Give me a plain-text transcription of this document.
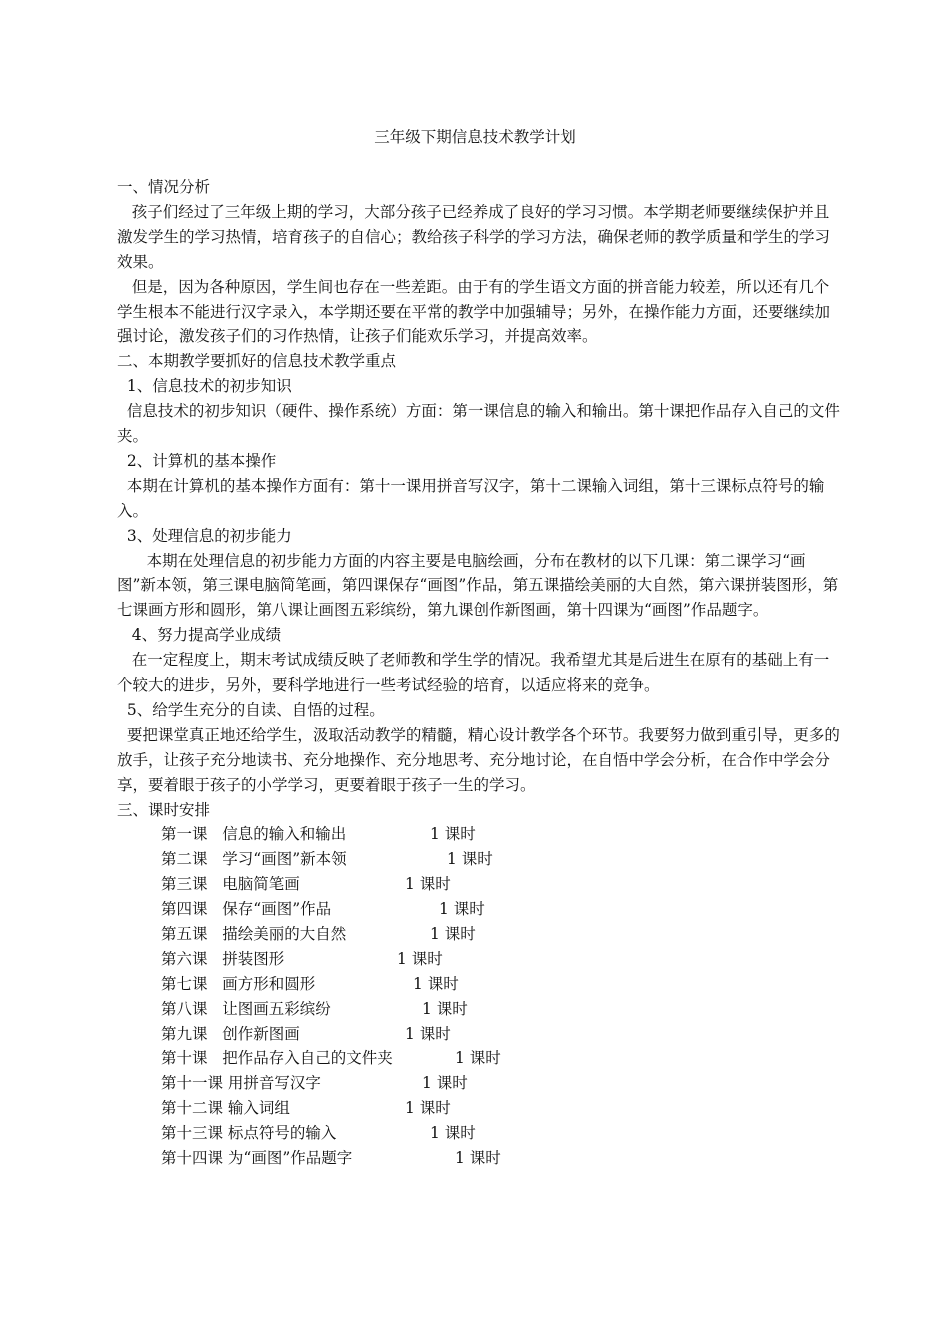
三年级下期信息技术教学计划
一、情况分析
孩子们经过了三年级上期的学习，大部分孩子已经养成了良好的学习习惯。本学期老师要继续保护并且激发学生的学习热情，培育孩子的自信心；教给孩子科学的学习方法，确保老师的教学质量和学生的学习效果。
但是，因为各种原因，学生间也存在一些差距。由于有的学生语文方面的拼音能力较差，所以还有几个学生根本不能进行汉字录入，本学期还要在平常的教学中加强辅导；另外，在操作能力方面，还要继续加强讨论，激发孩子们的习作热情，让孩子们能欢乐学习，并提高效率。
二、本期教学要抓好的信息技术教学重点
1、信息技术的初步知识
信息技术的初步知识（硬件、操作系统）方面：第一课信息的输入和输出。第十课把作品存入自己的文件夹。
2、计算机的基本操作
本期在计算机的基本操作方面有：第十一课用拼音写汉字，第十二课输入词组，第十三课标点符号的输入。
3、处理信息的初步能力
本期在处理信息的初步能力方面的内容主要是电脑绘画，分布在教材的以下几课：第二课学习“画图”新本领，第三课电脑简笔画，第四课保存“画图”作品，第五课描绘美丽的大自然，第六课拼装图形，第七课画方形和圆形，第八课让画图五彩缤纷，第九课创作新图画，第十四课为“画图”作品题字。
4、努力提高学业成绩
在一定程度上，期末考试成绩反映了老师教和学生学的情况。我希望尤其是后进生在原有的基础上有一个较大的进步，另外，要科学地进行一些考试经验的培育，以适应将来的竞争。
5、给学生充分的自读、自悟的过程。
要把课堂真正地还给学生，汲取活动教学的精髓，精心设计教学各个环节。我要努力做到重引导，更多的放手，让孩子充分地读书、充分地操作、充分地思考、充分地讨论，在自悟中学会分析，在合作中学会分享，要着眼于孩子的小学学习，更要着眼于孩子一生的学习。
三、课时安排
第一课   信息的输入和输出	1 课时
第二课   学习“画图”新本领	1 课时
第三课   电脑简笔画	1 课时
第四课   保存“画图”作品	1 课时
第五课   描绘美丽的大自然	1 课时
第六课   拼装图形	1 课时
第七课   画方形和圆形	1 课时
第八课   让图画五彩缤纷	1 课时
第九课   创作新图画	1 课时
第十课   把作品存入自己的文件夹	1 课时
第十一课 用拼音写汉字	1 课时
第十二课 输入词组	1 课时
第十三课 标点符号的输入	1 课时
第十四课 为“画图”作品题字	1 课时
